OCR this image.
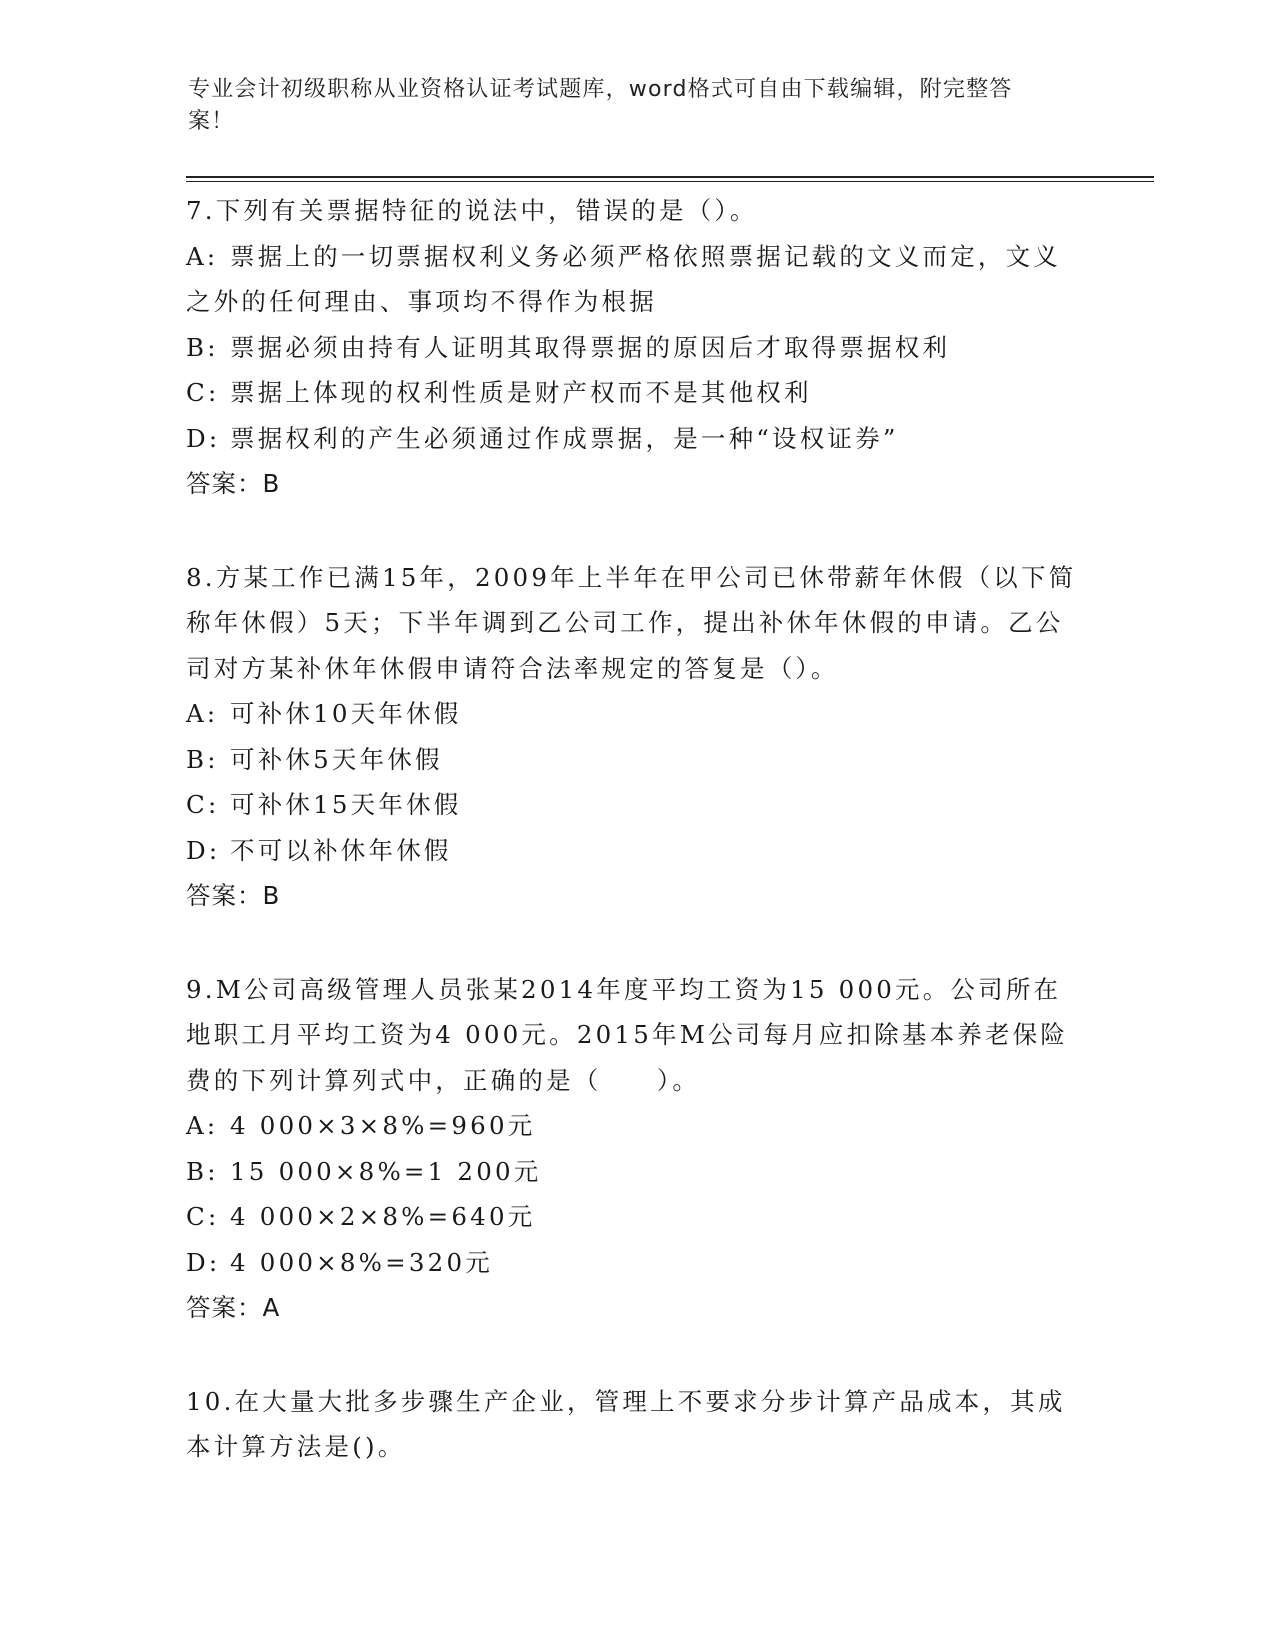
专业会计初级职称从业资格认证考试题库，word格式可自由下载编辑，附完整答
案！

7.下列有关票据特征的说法中，错误的是（）。

A: 票据上的一切票据权利义务必须严格依照票据记载的文义而定，文义之外的任何理由、事项均不得作为根据

B: 票据必须由持有人证明其取得票据的原因后才取得票据权利

C: 票据上体现的权利性质是财产权而不是其他权利

D: 票据权利的产生必须通过作成票据，是一种“设权证券”

答案：B

8.方某工作已满15年，2009年上半年在甲公司已休带薪年休假（以下简称年休假）5天；下半年调到乙公司工作，提出补休年休假的申请。乙公司对方某补休年休假申请符合法率规定的答复是（）。

A: 可补休10天年休假

B: 可补休5天年休假

C: 可补休15天年休假

D: 不可以补休年休假

答案：B

9.M公司高级管理人员张某2014年度平均工资为15 000元。公司所在地职工月平均工资为4 000元。2015年M公司每月应扣除基本养老保险费的下列计算列式中，正确的是（　　）。

A: 4 000×3×8%=960元

B: 15 000×8%=1 200元

C: 4 000×2×8%=640元

D: 4 000×8%=320元

答案：A

10.在大量大批多步骤生产企业，管理上不要求分步计算产品成本，其成本计算方法是()。
